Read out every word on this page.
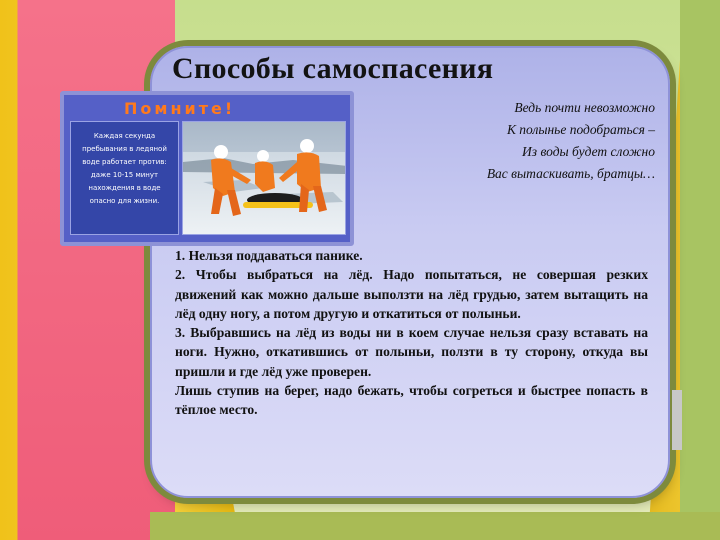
Способы самоспасения
Ведь почти невозможно
К полынье подобраться –
Из воды будет сложно
Вас вытаскивать, братцы…
Помните!
Каждая секунда
пребывания в ледяной
воде работает против:
даже 10-15 минут
нахождения в воде
опасно для жизни.

1. Нельзя поддаваться панике.

2. Чтобы выбраться на лёд. Надо попытаться, не совершая резких движений как можно дальше выползти на лёд грудью, затем вытащить на лёд одну ногу, а потом другую и откатиться от полыньи.

3. Выбравшись на лёд из воды ни в коем случае нельзя сразу вставать на ноги. Нужно, откатившись от полыньи, ползти в ту сторону, откуда вы пришли и где лёд уже проверен.

Лишь ступив на берег, надо бежать, чтобы согреться и быстрее попасть в тёплое место.
